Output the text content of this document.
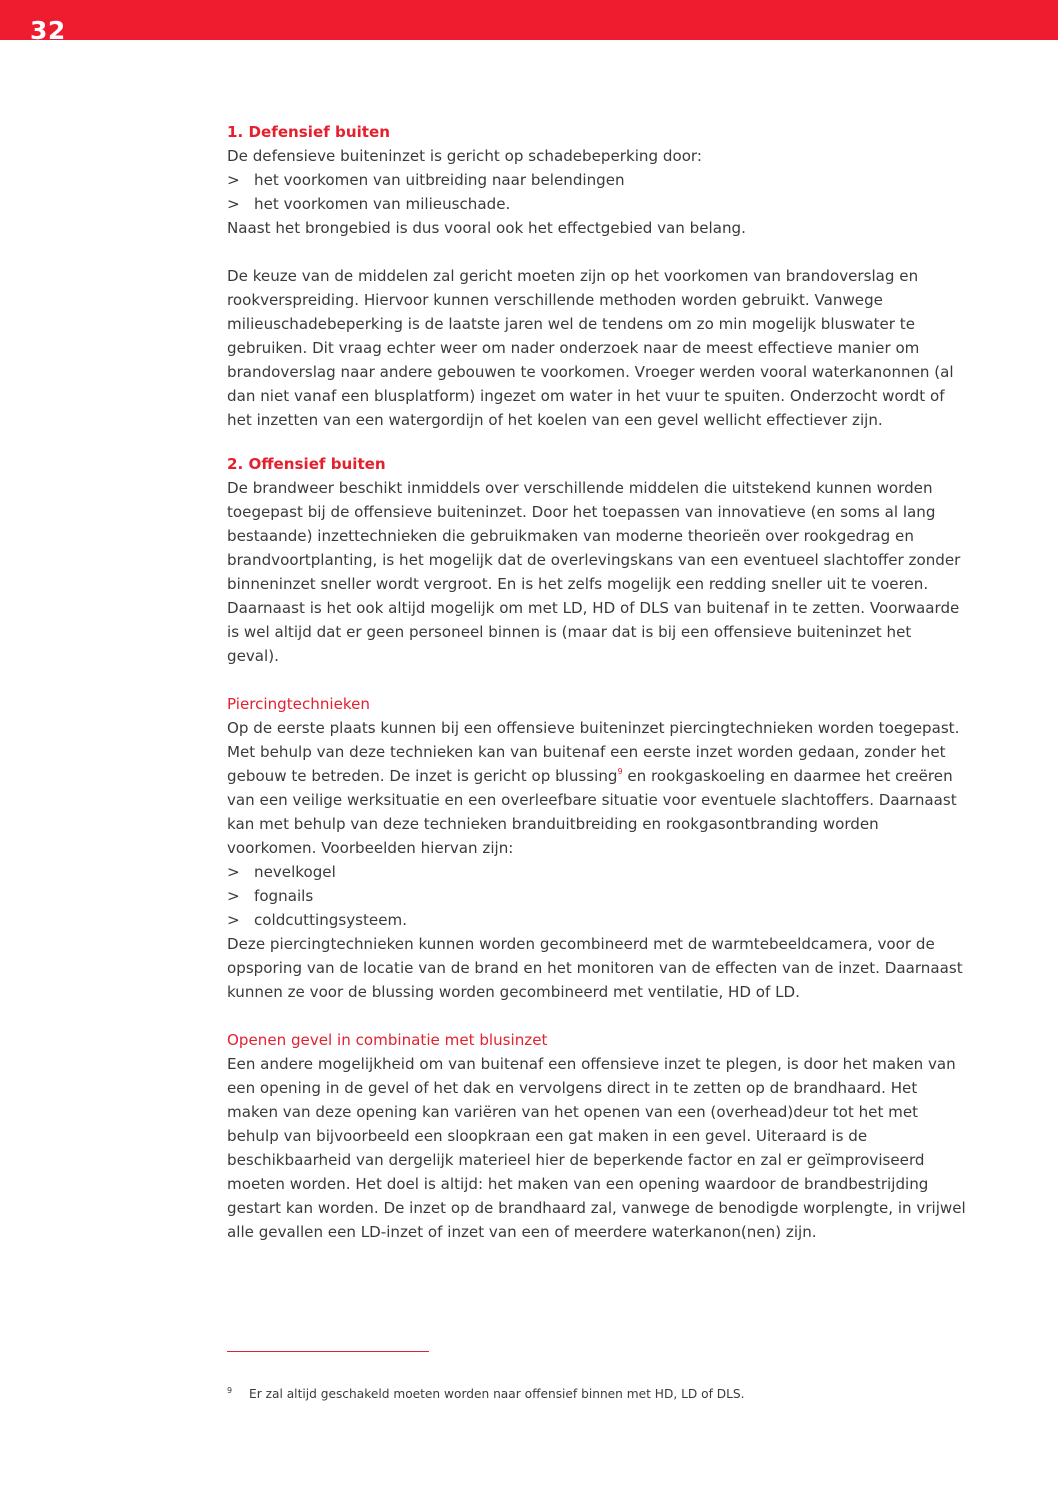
32
1. Defensief buiten

De defensieve buiteninzet is gericht op schadebeperking door:

> het voorkomen van uitbreiding naar belendingen
> het voorkomen van milieuschade.

Naast het brongebied is dus vooral ook het effectgebied van belang.

De keuze van de middelen zal gericht moeten zijn op het voorkomen van brandoverslag en rookverspreiding. Hiervoor kunnen verschillende methoden worden gebruikt. Vanwege milieuschadebeperking is de laatste jaren wel de tendens om zo min mogelijk bluswater te gebruiken. Dit vraag echter weer om nader onderzoek naar de meest effectieve manier om brandoverslag naar andere gebouwen te voorkomen. Vroeger werden vooral waterkanonnen (al dan niet vanaf een blusplatform) ingezet om water in het vuur te spuiten. Onderzocht wordt of het inzetten van een watergordijn of het koelen van een gevel wellicht effectiever zijn.

2. Offensief buiten

De brandweer beschikt inmiddels over verschillende middelen die uitstekend kunnen worden toegepast bij de offensieve buiteninzet. Door het toepassen van innovatieve (en soms al lang bestaande) inzettechnieken die gebruikmaken van moderne theorieën over rookgedrag en brandvoortplanting, is het mogelijk dat de overlevingskans van een eventueel slachtoffer zonder binneninzet sneller wordt vergroot. En is het zelfs mogelijk een redding sneller uit te voeren. Daarnaast is het ook altijd mogelijk om met LD, HD of DLS van buitenaf in te zetten. Voorwaarde is wel altijd dat er geen personeel binnen is (maar dat is bij een offensieve buiteninzet het geval).

Piercingtechnieken

Op de eerste plaats kunnen bij een offensieve buiteninzet piercingtechnieken worden toegepast. Met behulp van deze technieken kan van buitenaf een eerste inzet worden gedaan, zonder het gebouw te betreden. De inzet is gericht op blussing$^9$ en rookgaskoeling en daarmee het creëren van een veilige werksituatie en een overleefbare situatie voor eventuele slachtoffers. Daarnaast kan met behulp van deze technieken branduitbreiding en rookgasontbranding worden voorkomen. Voorbeelden hiervan zijn:

> nevelkogel
> fognails
> coldcuttingsysteem.

Deze piercingtechnieken kunnen worden gecombineerd met de warmtebeeldcamera, voor de opsporing van de locatie van de brand en het monitoren van de effecten van de inzet. Daarnaast kunnen ze voor de blussing worden gecombineerd met ventilatie, HD of LD.

Openen gevel in combinatie met blusinzet

Een andere mogelijkheid om van buitenaf een offensieve inzet te plegen, is door het maken van een opening in de gevel of het dak en vervolgens direct in te zetten op de brandhaard. Het maken van deze opening kan variëren van het openen van een (overhead)deur tot het met behulp van bijvoorbeeld een sloopkraan een gat maken in een gevel. Uiteraard is de beschikbaarheid van dergelijk materieel hier de beperkende factor en zal er geïmproviseerd moeten worden. Het doel is altijd: het maken van een opening waardoor de brandbestrijding gestart kan worden. De inzet op de brandhaard zal, vanwege de benodigde worplengte, in vrijwel alle gevallen een LD-inzet of inzet van een of meerdere waterkanon(nen) zijn.

9 Er zal altijd geschakeld moeten worden naar offensief binnen met HD, LD of DLS.
